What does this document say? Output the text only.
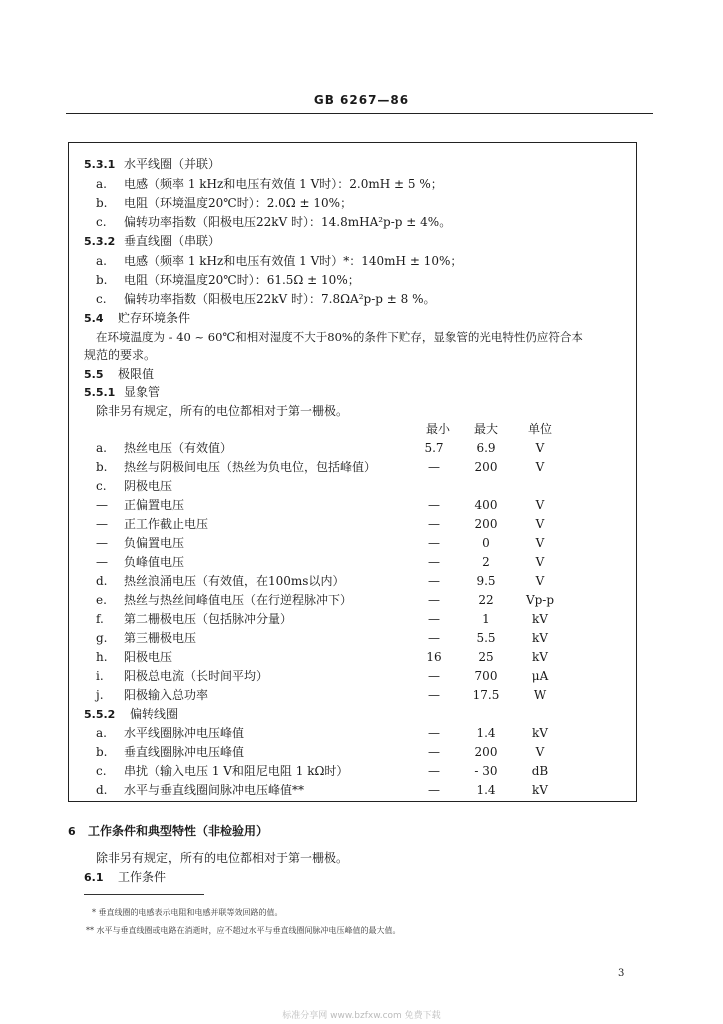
GB 6267—86
5.3.1 水平线圈（并联）
a. 电感（频率 1 kHz和电压有效值 1 V时）：2.0mH ± 5 %；
b. 电阻（环境温度20℃时）：2.0Ω ± 10%；
c. 偏转功率指数（阳极电压22kV 时）：14.8mHA²p-p ± 4%。
5.3.2 垂直线圈（串联）
a. 电感（频率 1 kHz和电压有效值 1 V时）*：140mH ± 10%；
b. 电阻（环境温度20℃时）：61.5Ω ± 10%；
c. 偏转功率指数（阳极电压22kV 时）：7.8ΩA²p-p ± 8 %。
5.4 贮存环境条件
在环境温度为 - 40 ~ 60℃和相对湿度不大于80%的条件下贮存，显象管的光电特性仍应符合本
规范的要求。
5.5 极限值
5.5.1 显象管
除非另有规定，所有的电位都相对于第一栅极。
最小	最大	单位
a. 热丝电压（有效值）	5.7	6.9	V
b. 热丝与阴极间电压（热丝为负电位，包括峰值）	—	200	V
c. 阴极电压
— 正偏置电压	—	400	V
— 正工作截止电压	—	200	V
— 负偏置电压	—	0	V
— 负峰值电压	—	2	V
d. 热丝浪涌电压（有效值，在100ms以内）	—	9.5	V
e. 热丝与热丝间峰值电压（在行逆程脉冲下）	—	22	Vp-p
f. 第二栅极电压（包括脉冲分量）	—	1	kV
g. 第三栅极电压	—	5.5	kV
h. 阳极电压	16	25	kV
i. 阳极总电流（长时间平均）	—	700	μA
j. 阳极输入总功率	—	17.5	W
5.5.2 偏转线圈
a. 水平线圈脉冲电压峰值	—	1.4	kV
b. 垂直线圈脉冲电压峰值	—	200	V
c. 串扰（输入电压 1 V和阻尼电阻 1 kΩ时）	—	- 30	dB
d. 水平与垂直线圈间脉冲电压峰值**	—	1.4	kV
6 工作条件和典型特性（非检验用）
除非另有规定，所有的电位都相对于第一栅极。
6.1 工作条件
* 垂直线圈的电感表示电阻和电感并联等效回路的值。
** 水平与垂直线圈或电路在消逝时，应不超过水平与垂直线圈间脉冲电压峰值的最大值。
3
标准分享网 www.bzfxw.com 免费下载
